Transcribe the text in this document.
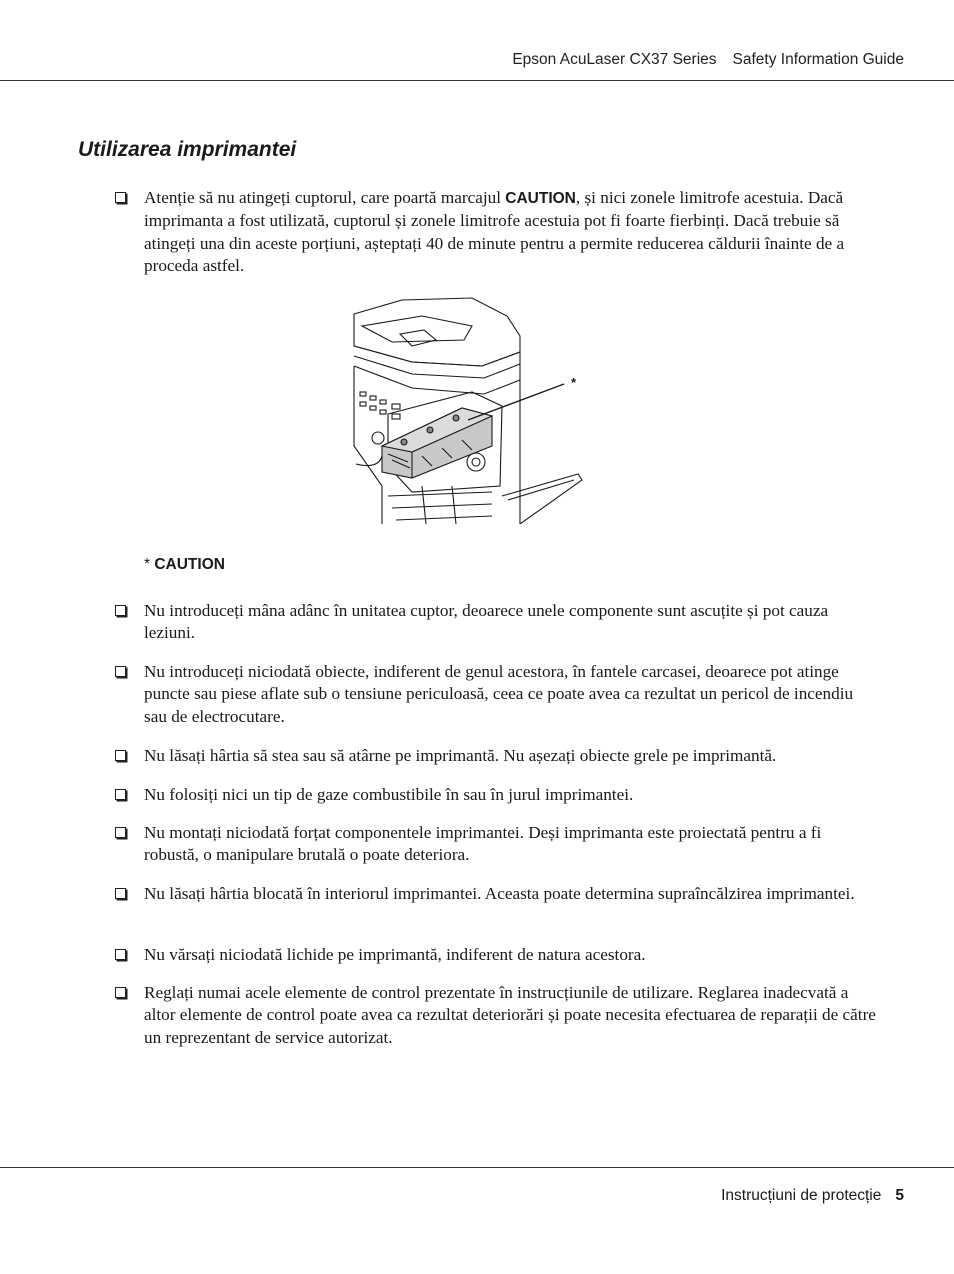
Epson AcuLaser CX37 Series Safety Information Guide
Utilizarea imprimantei
Atenție să nu atingeți cuptorul, care poartă marcajul CAUTION, și nici zonele limitrofe acestuia. Dacă imprimanta a fost utilizată, cuptorul și zonele limitrofe acestuia pot fi foarte fierbinți. Dacă trebuie să atingeți una din aceste porțiuni, așteptați 40 de minute pentru a permite reducerea căldurii înainte de a proceda astfel.
*
* CAUTION
Nu introduceți mâna adânc în unitatea cuptor, deoarece unele componente sunt ascuțite și pot cauza leziuni.
Nu introduceți niciodată obiecte, indiferent de genul acestora, în fantele carcasei, deoarece pot atinge puncte sau piese aflate sub o tensiune periculoasă, ceea ce poate avea ca rezultat un pericol de incendiu sau de electrocutare.
Nu lăsați hârtia să stea sau să atârne pe imprimantă. Nu așezați obiecte grele pe imprimantă.
Nu folosiți nici un tip de gaze combustibile în sau în jurul imprimantei.
Nu montați niciodată forțat componentele imprimantei. Deși imprimanta este proiectată pentru a fi robustă, o manipulare brutală o poate deteriora.
Nu lăsați hârtia blocată în interiorul imprimantei. Aceasta poate determina supraîncălzirea imprimantei.
Nu vărsați niciodată lichide pe imprimantă, indiferent de natura acestora.
Reglați numai acele elemente de control prezentate în instrucțiunile de utilizare. Reglarea inadecvată a altor elemente de control poate avea ca rezultat deteriorări și poate necesita efectuarea de reparații de către un reprezentant de service autorizat.
Instrucțiuni de protecție 5
